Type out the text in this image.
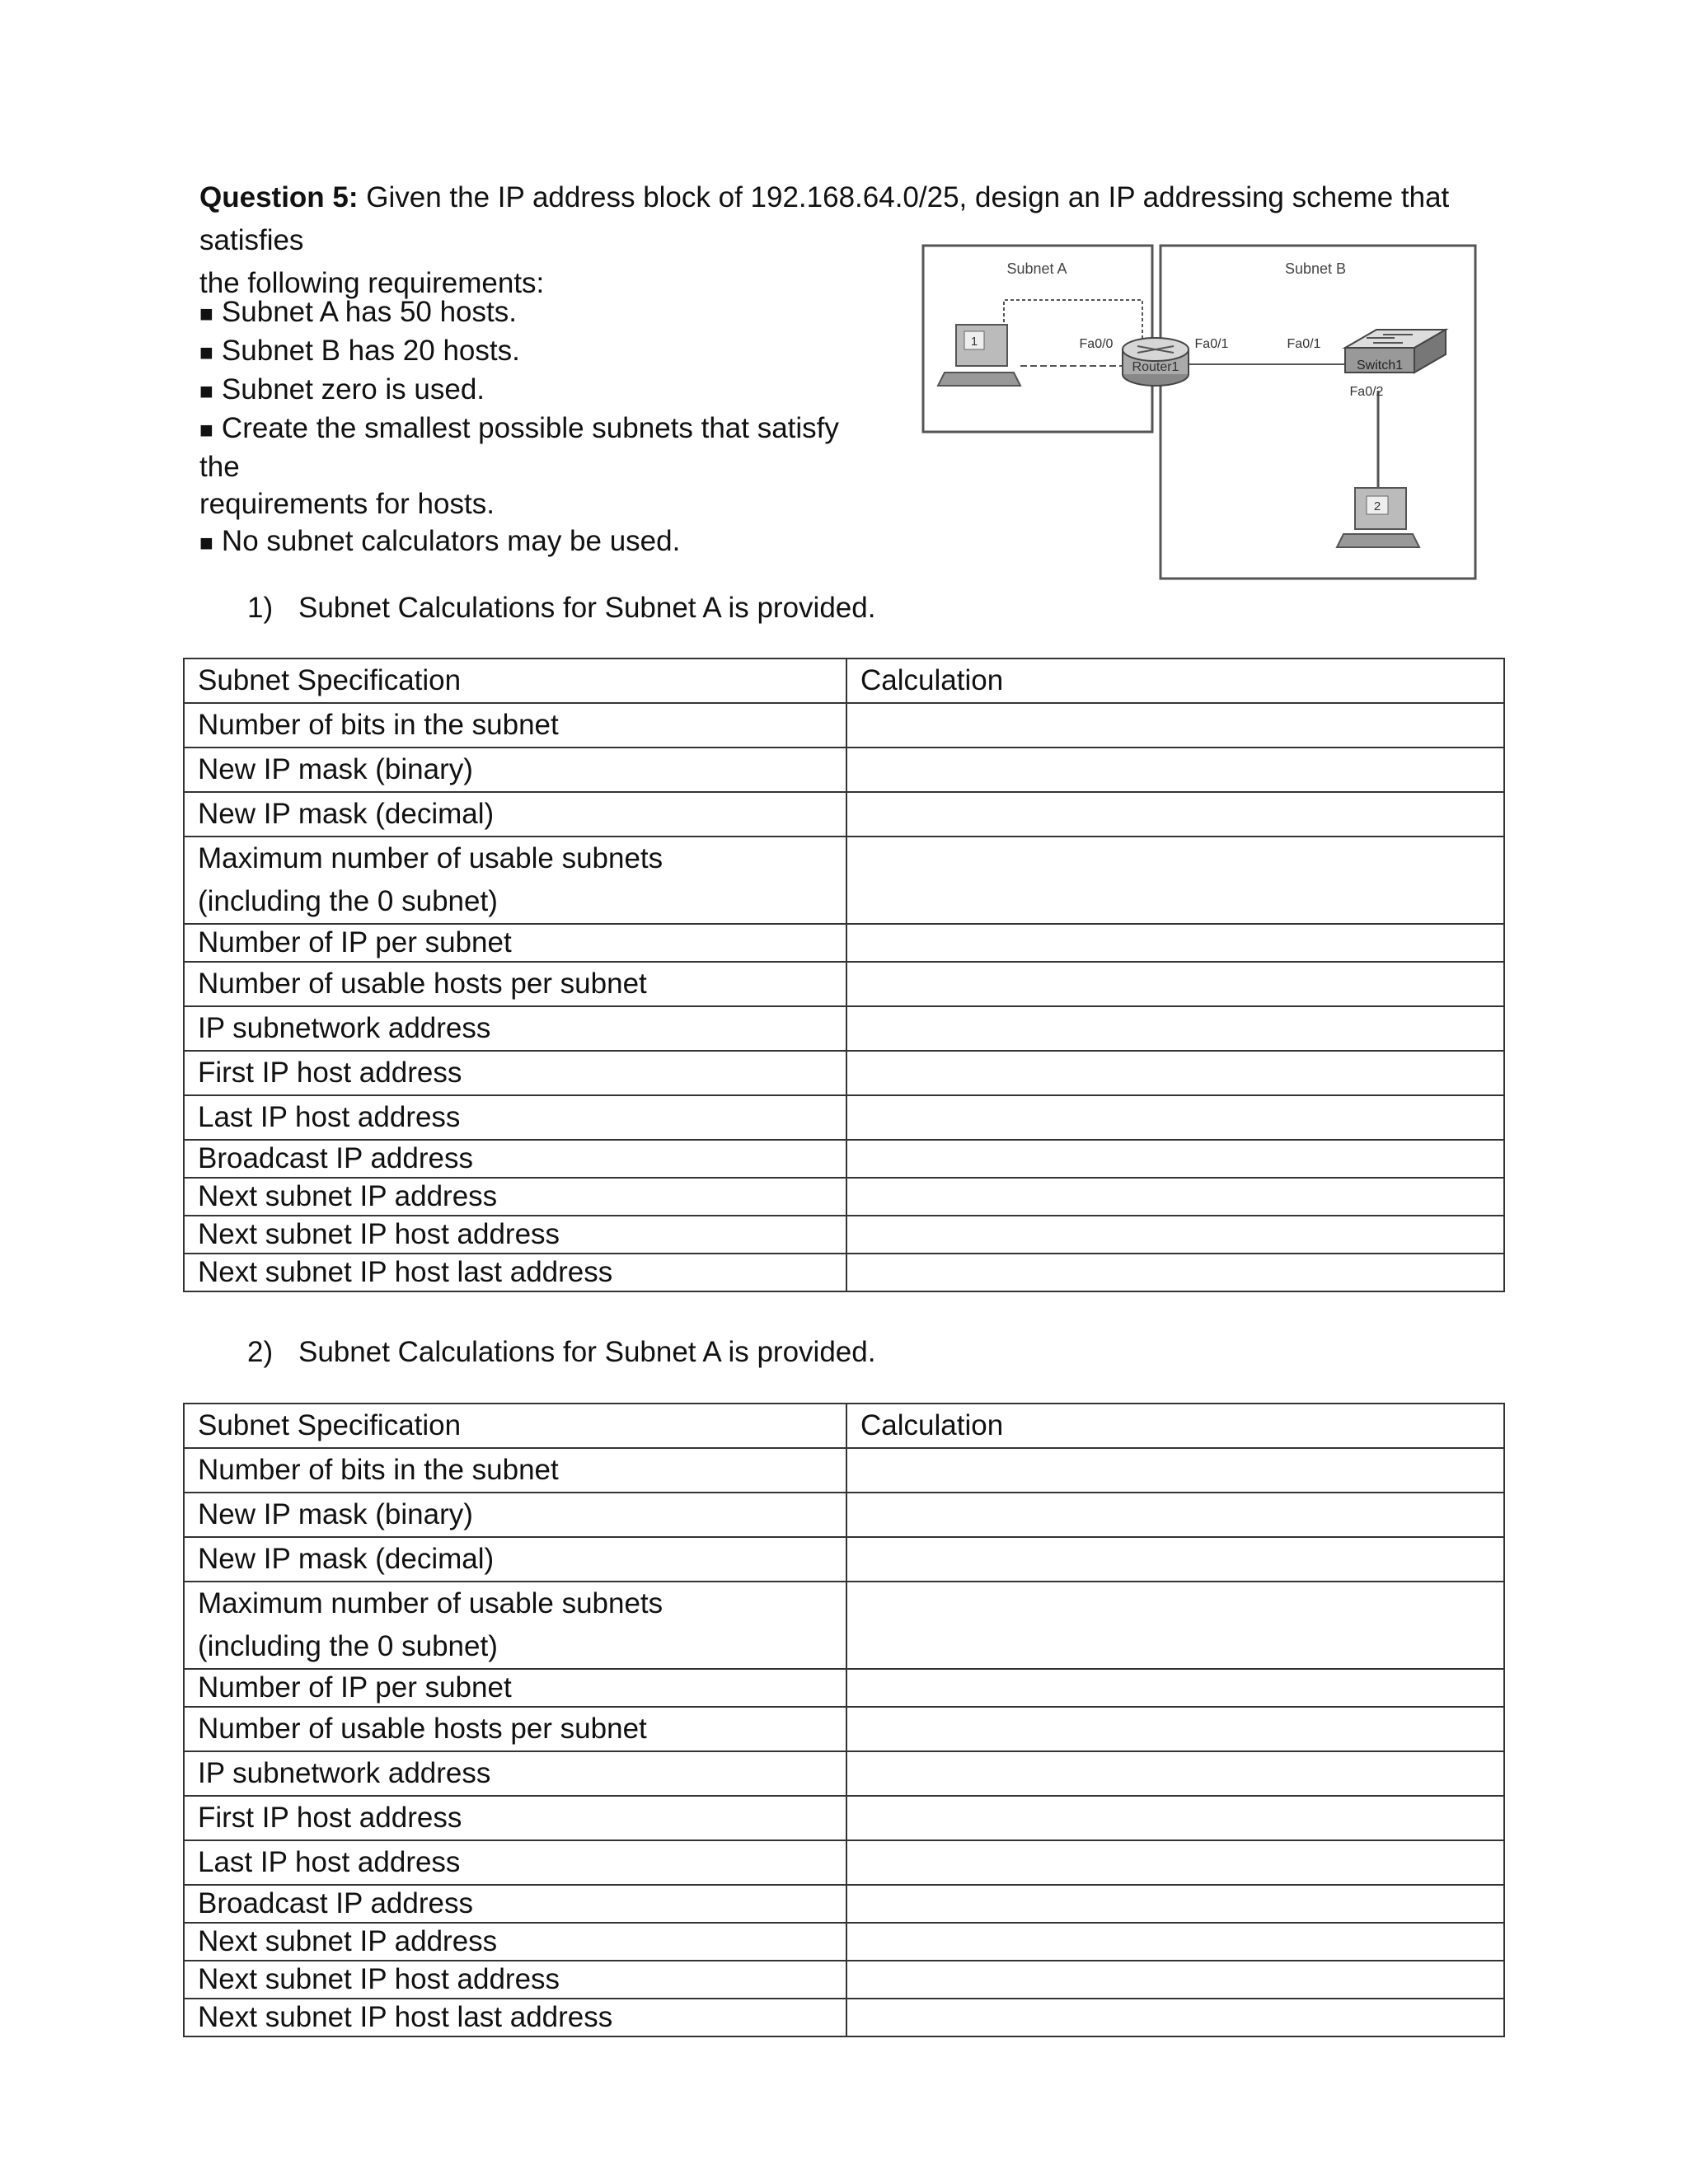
Question 5: Given the IP address block of 192.168.64.0/25, design an IP addressing scheme that satisfies
the following requirements:
■ Subnet A has 50 hosts.
■ Subnet B has 20 hosts.
■ Subnet zero is used.
■ Create the smallest possible subnets that satisfy the
requirements for hosts.
■ No subnet calculators may be used.
Subnet A	Subnet B
1
Router1
Fa0/0	Fa0/1
Switch1
Fa0/1
Fa0/2
2
1) Subnet Calculations for Subnet A is provided.
Subnet Specification	Calculation
Number of bits in the subnet	
New IP mask (binary)	
New IP mask (decimal)	

Maximum number of usable subnets
(including the 0 subnet)	

Number of IP per subnet	
Number of usable hosts per subnet	
IP subnetwork address	
First IP host address	
Last IP host address	
Broadcast IP address	
Next subnet IP address	
Next subnet IP host address	
Next subnet IP host last address	
2) Subnet Calculations for Subnet A is provided.
Subnet Specification	Calculation
Number of bits in the subnet	
New IP mask (binary)	
New IP mask (decimal)	

Maximum number of usable subnets
(including the 0 subnet)	

Number of IP per subnet	
Number of usable hosts per subnet	
IP subnetwork address	
First IP host address	
Last IP host address	
Broadcast IP address	
Next subnet IP address	
Next subnet IP host address	
Next subnet IP host last address	
